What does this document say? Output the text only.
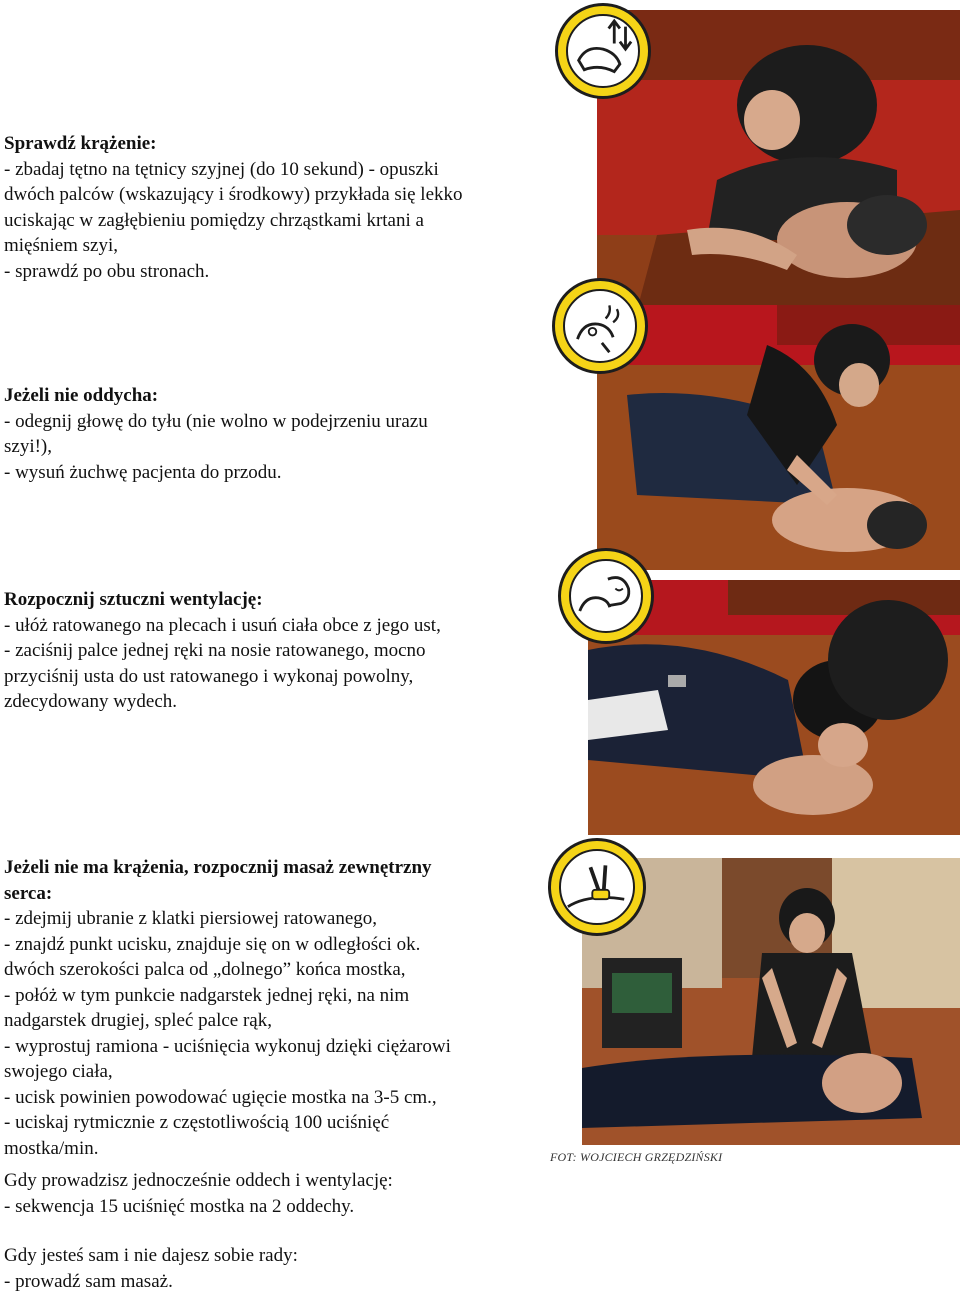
Sprawdź krążenie:
- zbadaj tętno na tętnicy szyjnej (do 10 sekund) - opuszki
dwóch palców (wskazujący i środkowy) przykłada się lekko
uciskając w zagłębieniu pomiędzy chrząstkami krtani a
mięśniem szyi,
- sprawdź po obu stronach.
Jeżeli nie oddycha:
- odegnij głowę do tyłu (nie wolno w podejrzeniu urazu
szyi!),
- wysuń żuchwę pacjenta do przodu.
Rozpocznij sztuczni wentylację:
- ułóż ratowanego na plecach i usuń ciała obce z jego ust,
- zaciśnij palce jednej ręki na nosie ratowanego, mocno
przyciśnij usta do ust ratowanego i wykonaj powolny,
zdecydowany wydech.
Jeżeli nie ma krążenia, rozpocznij masaż zewnętrzny
serca:
- zdejmij ubranie z klatki piersiowej ratowanego,
- znajdź punkt ucisku, znajduje się on w odległości ok.
dwóch szerokości palca od „dolnego” końca mostka,
- połóż w tym punkcie nadgarstek jednej ręki, na nim
nadgarstek drugiej, spleć palce rąk,
- wyprostuj ramiona - uciśnięcia wykonuj dzięki ciężarowi
swojego ciała,
- ucisk powinien powodować ugięcie mostka na 3-5 cm.,
- uciskaj rytmicznie z częstotliwością 100 uciśnięć
mostka/min.
Gdy prowadzisz jednocześnie oddech i wentylację:
- sekwencja 15 uciśnięć mostka na 2 oddechy.
Gdy jesteś sam i nie dajesz sobie rady:
- prowadź sam masaż.
FOT: WOJCIECH GRZĘDZIŃSKI
